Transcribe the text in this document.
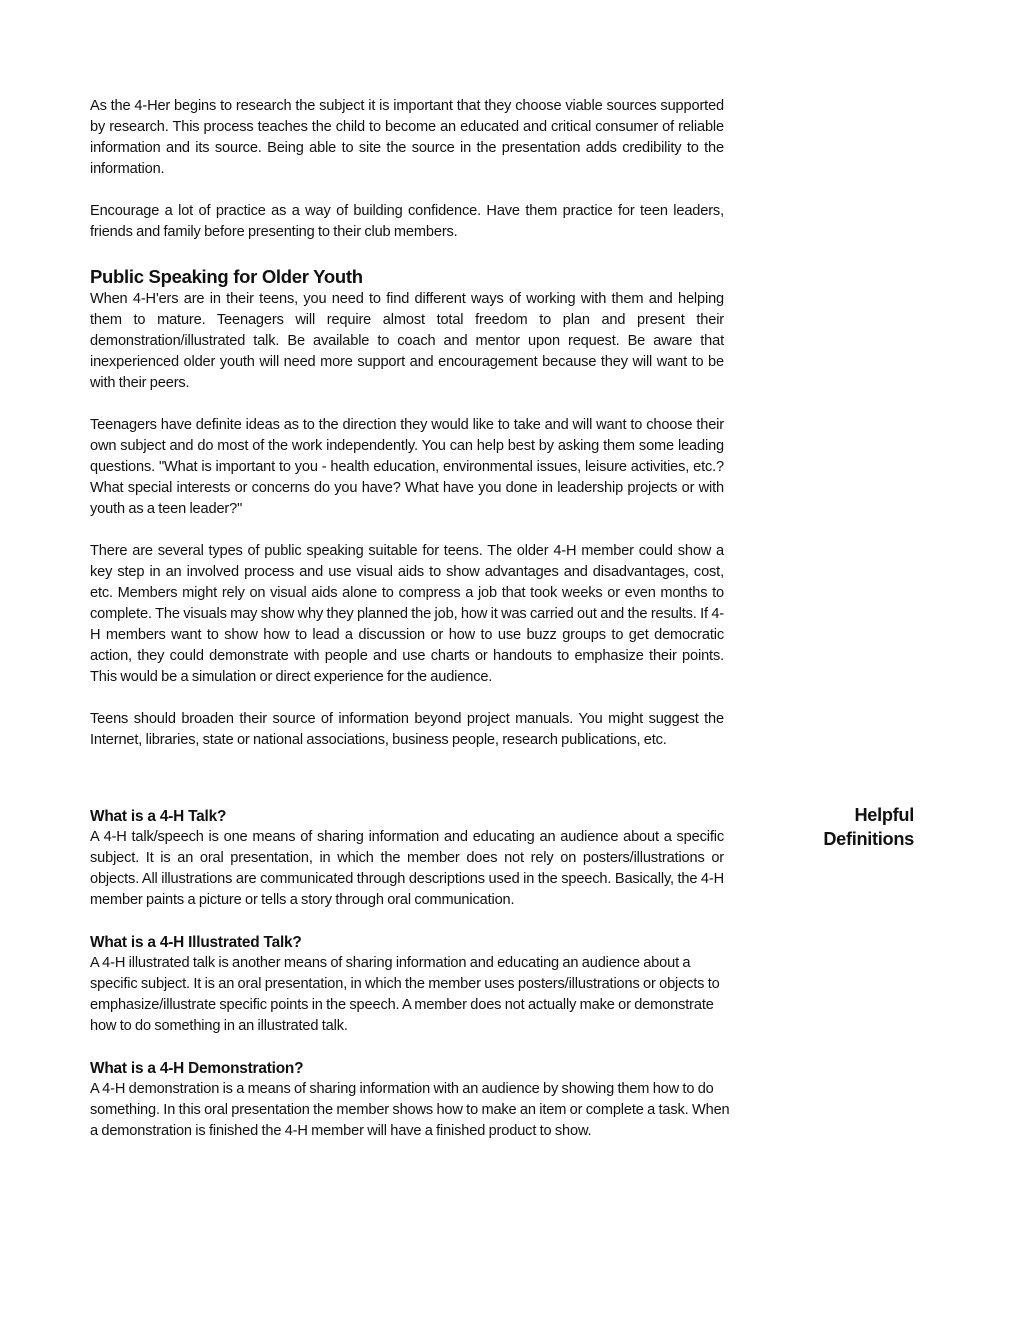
As the 4-Her begins to research the subject it is important that they choose viable sources supported by research. This process teaches the child to become an educated and critical consumer of reliable information and its source. Being able to site the source in the presentation adds credibility to the information.

Encourage a lot of practice as a way of building confidence. Have them practice for teen leaders, friends and family before presenting to their club members.

Public Speaking for Older Youth

When 4-H'ers are in their teens, you need to find different ways of working with them and helping them to mature. Teenagers will require almost total freedom to plan and present their demonstration/illustrated talk. Be available to coach and mentor upon request. Be aware that inexperienced older youth will need more support and encouragement because they will want to be with their peers.

Teenagers have definite ideas as to the direction they would like to take and will want to choose their own subject and do most of the work independently. You can help best by asking them some leading questions. "What is important to you - health education, environmental issues, leisure activities, etc.? What special interests or concerns do you have? What have you done in leadership projects or with youth as a teen leader?"

There are several types of public speaking suitable for teens. The older 4-H member could show a key step in an involved process and use visual aids to show advantages and disadvantages, cost, etc. Members might rely on visual aids alone to compress a job that took weeks or even months to complete. The visuals may show why they planned the job, how it was carried out and the results. If 4-H members want to show how to lead a discussion or how to use buzz groups to get democratic action, they could demonstrate with people and use charts or handouts to emphasize their points. This would be a simulation or direct experience for the audience.

Teens should broaden their source of information beyond project manuals. You might suggest the Internet, libraries, state or national associations, business people, research publications, etc.

What is a 4-H Talk?

A 4-H talk/speech is one means of sharing information and educating an audience about a specific subject. It is an oral presentation, in which the member does not rely on posters/illustrations or objects. All illustrations are communicated through descriptions used in the speech. Basically, the 4-H member paints a picture or tells a story through oral communication.

What is a 4-H Illustrated Talk?

A 4-H illustrated talk is another means of sharing information and educating an audience about a specific subject. It is an oral presentation, in which the member uses posters/illustrations or objects to emphasize/illustrate specific points in the speech. A member does not actually make or demonstrate how to do something in an illustrated talk.

What is a 4-H Demonstration?

A 4-H demonstration is a means of sharing information with an audience by showing them how to do something. In this oral presentation the member shows how to make an item or complete a task. When a demonstration is finished the 4-H member will have a finished product to show.

Helpful
Definitions
